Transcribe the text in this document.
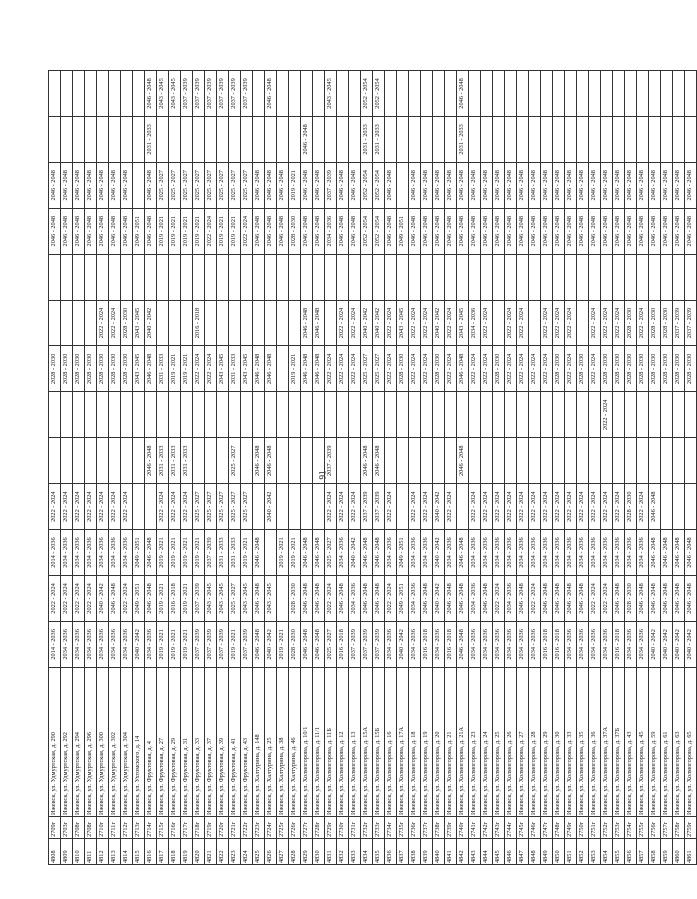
91
4808	2709г	Ижевск, ул. Удмуртская, д. 290	2014 - 2036	2022 - 2024	2014 - 2036	2022 - 2024			2028 - 2030			2046 - 2048	2046 - 2048		
4809	2703г	Ижевск, ул. Удмуртская, д. 292	2034 - 2036	2022 - 2024	2034 - 2036	2022 - 2024			2028 - 2030			2046 - 2048	2046 - 2048		
4810	2708г	Ижевск, ул. Удмуртская, д. 294	2034 - 2036	2022 - 2024	2034 - 2036	2022 - 2024			2028 - 2030			2046 - 2048	2046 - 2048		
4811	2708г	Ижевск, ул. Удмуртская, д. 296	2034 - 2036	2022 - 2024	2034 - 2036	2022 - 2024			2028 - 2030			2046 - 2048	2046 - 2048		
4812	2710г	Ижевск, ул. Удмуртская, д. 300	2034 - 2036	2040 - 2042	2034 - 2036	2022 - 2024			2028 - 2030	2022 - 2024		2046 - 2048	2046 - 2048		
4813	2711г	Ижевск, ул. Удмуртская, д. 302	2034 - 2036	2046 - 2048	2034 - 2036	2022 - 2024			2028 - 2030	2022 - 2024		2046 - 2048	2046 - 2048		
4814	2712г	Ижевск, ул. Удмуртская, д. 304	2034 - 2036	2022 - 2024	2034 - 2036	2022 - 2024			2028 - 2030	2028 - 2030		2046 - 2048	2046 - 2048		
4815	2713г	Ижевск, ул. Ухтомского, д. 14	2040 - 2042	2049 - 2051	2049 - 2051				2043 - 2045	2043 - 2045		2049 - 2051			
4816	2714г	Ижевск, ул. Фруктовая, д. 4	2034 - 2036	2046 - 2048	2046 - 2048		2046 - 2048		2046 - 2048	2040 - 2042		2046 - 2048	2046 - 2048	2031 - 2033	2046 - 2048
4817	2715г	Ижевск, ул. Фруктовая, д. 27	2019 - 2021	2019 - 2021	2019 - 2021	2022 - 2024	2031 - 2033		2031 - 2033			2019 - 2021	2025 - 2027		2043 - 2045
4818	2716г	Ижевск, ул. Фруктовая, д. 29	2019 - 2021	2016 - 2018	2019 - 2021	2022 - 2024	2031 - 2033		2019 - 2021			2019 - 2021	2025 - 2027		2043 - 2045
4819	2717г	Ижевск, ул. Фруктовая, д. 31	2019 - 2021	2019 - 2021	2019 - 2021	2022 - 2024	2031 - 2033		2019 - 2021			2019 - 2021	2025 - 2027		2037 - 2039
4820	2718г	Ижевск, ул. Фруктовая, д. 33	2037 - 2039	2037 - 2039	2019 - 2021	2025 - 2027			2022 - 2024	2016 - 2018		2019 - 2021	2025 - 2027		2037 - 2039
4821	2719г	Ижевск, ул. Фруктовая, д. 37	2037 - 2039	2043 - 2045	2037 - 2039	2025 - 2027			2022 - 2024			2022 - 2024	2025 - 2027		2037 - 2039
4822	2720г	Ижевск, ул. Фруктовая, д. 39	2037 - 2039	2043 - 2045	2031 - 2033	2025 - 2027			2043 - 2045			2019 - 2021	2025 - 2027		2037 - 2039
4823	2721г	Ижевск, ул. Фруктовая, д. 41	2019 - 2021	2025 - 2027	2031 - 2033	2025 - 2027	2025 - 2027		2031 - 2033			2019 - 2021	2025 - 2027		2037 - 2039
4824	2722г	Ижевск, ул. Фруктовая, д. 43	2037 - 2039	2043 - 2045	2019 - 2021	2025 - 2027			2043 - 2045			2022 - 2024	2025 - 2027		2037 - 2039
4825	2723г	Ижевск, ул. Халтурина, д. 148	2046 - 2048	2046 - 2048	2046 - 2048		2046 - 2048		2046 - 2048			2046 - 2048	2046 - 2048		
4826	2724г	Ижевск, ул. Халтурина, д. 25	2040 - 2042	2043 - 2045		2040 - 2042	2046 - 2048		2046 - 2048			2046 - 2048	2046 - 2048		2046 - 2048
4827	2725г	Ижевск, ул. Халтурина, д. 38	2019 - 2021		2019 - 2021							2046 - 2048	2046 - 2048		
4828	2726г	Ижевск, ул. Халтурина, д. 46	2028 - 2030	2028 - 2030	2019 - 2021				2019 - 2021			2028 - 2030	2019 - 2021		
4829	2727г	Ижевск, ул. Холмогорова, д. 10/1	2046 - 2048	2046 - 2048	2046 - 2048				2046 - 2048	2046 - 2048		2046 - 2048	2046 - 2048	2046 - 2048	
4830	2728г	Ижевск, ул. Холмогорова, д. 11/1	2046 - 2048	2046 - 2048	2046 - 2048				2046 - 2048	2046 - 2048		2046 - 2048	2046 - 2048		
4831	2729г	Ижевск, ул. Холмогорова, д. 11Б	2025 - 2027	2022 - 2024	2025 - 2027	2022 - 2024	2037 - 2039		2022 - 2024			2034 - 2036	2037 - 2039		2043 - 2045
4832	2730г	Ижевск, ул. Холмогорова, д. 12	2016 - 2018	2046 - 2048	2034 - 2036	2022 - 2024			2022 - 2024	2022 - 2024		2046 - 2048	2046 - 2048		
4833	2731г	Ижевск, ул. Холмогорова, д. 13	2037 - 2039	2034 - 2036	2040 - 2042	2022 - 2024			2022 - 2024	2022 - 2024		2046 - 2048	2046 - 2048		
4834	2732г	Ижевск, ул. Холмогорова, д. 15А	2037 - 2039	2046 - 2048	2046 - 2048	2037 - 2039	2046 - 2048		2025 - 2027	2040 - 2042		2052 - 2054	2052 - 2054	2031 - 2033	2052 - 2054
4835	2733г	Ижевск, ул. Холмогорова, д. 15Б	2037 - 2039	2046 - 2048	2046 - 2048	2037 - 2039	2046 - 2048		2025 - 2027	2040 - 2042		2052 - 2054	2052 - 2054	2031 - 2033	2052 - 2054
4836	2734г	Ижевск, ул. Холмогорова, д. 16	2034 - 2036	2022 - 2024	2034 - 2036	2022 - 2024			2022 - 2024	2022 - 2024		2046 - 2048	2046 - 2048		
4837	2735г	Ижевск, ул. Холмогорова, д. 17А	2040 - 2042	2049 - 2051	2049 - 2051				2028 - 2030	2043 - 2045		2049 - 2051			
4838	2736г	Ижевск, ул. Холмогорова, д. 18	2034 - 2036	2034 - 2036	2034 - 2036	2022 - 2024			2022 - 2024	2022 - 2024		2046 - 2048	2046 - 2048		
4839	2737г	Ижевск, ул. Холмогорова, д. 19	2016 - 2018	2046 - 2048	2034 - 2036	2022 - 2024			2022 - 2024	2022 - 2024		2046 - 2048	2046 - 2048		
4840	2738г	Ижевск, ул. Холмогорова, д. 20	2034 - 2036	2040 - 2042	2040 - 2042	2040 - 2042			2028 - 2030	2040 - 2042		2046 - 2048	2046 - 2048		
4841	2739г	Ижевск, ул. Холмогорова, д. 21	2016 - 2018	2046 - 2048	2034 - 2036	2022 - 2024			2022 - 2024	2022 - 2024		2046 - 2048	2046 - 2048		
4842	2740г	Ижевск, ул. Холмогорова, д. 21А	2046 - 2048	2046 - 2048	2046 - 2048		2046 - 2048		2046 - 2048	2043 - 2045		2046 - 2048	2046 - 2048	2031 - 2033	2046 - 2048
4843	2741г	Ижевск, ул. Холмогорова, д. 23	2034 - 2036	2034 - 2036	2034 - 2036	2022 - 2024			2022 - 2024	2034 - 2036		2046 - 2048	2046 - 2048		
4844	2742г	Ижевск, ул. Холмогорова, д. 24	2034 - 2036	2046 - 2048	2034 - 2036	2022 - 2024			2022 - 2024	2022 - 2024		2046 - 2048	2046 - 2048		
4845	2743г	Ижевск, ул. Холмогорова, д. 25	2034 - 2036	2022 - 2024	2034 - 2036	2022 - 2024			2028 - 2030			2046 - 2048	2046 - 2048		
4846	2744г	Ижевск, ул. Холмогорова, д. 26	2034 - 2036	2034 - 2036	2034 - 2036	2022 - 2024			2022 - 2024	2022 - 2024		2046 - 2048	2046 - 2048		
4847	2745г	Ижевск, ул. Холмогорова, д. 27	2034 - 2036	2046 - 2048	2034 - 2036	2022 - 2024			2022 - 2024	2022 - 2024		2046 - 2048	2046 - 2048		
4848	2746г	Ижевск, ул. Холмогорова, д. 28	2034 - 2036	2022 - 2024	2034 - 2036	2022 - 2024			2022 - 2024			2046 - 2048	2046 - 2048		
4849	2747г	Ижевск, ул. Холмогорова, д. 29	2016 - 2018	2046 - 2048	2034 - 2036	2022 - 2024			2022 - 2024	2022 - 2024		2046 - 2048	2046 - 2048		
4850	2748г	Ижевск, ул. Холмогорова, д. 30	2016 - 2018	2046 - 2048	2034 - 2036	2022 - 2024			2028 - 2030	2022 - 2024		2046 - 2048	2046 - 2048		
4851	2749г	Ижевск, ул. Холмогорова, д. 33	2034 - 2036	2046 - 2048	2034 - 2036	2022 - 2024			2022 - 2024	2022 - 2024		2046 - 2048	2046 - 2048		
4852	2750г	Ижевск, ул. Холмогорова, д. 35	2034 - 2036	2046 - 2048	2034 - 2036	2022 - 2024			2028 - 2030			2046 - 2048	2046 - 2048		
4853	2751г	Ижевск, ул. Холмогорова, д. 36	2034 - 2036	2022 - 2024	2034 - 2036	2022 - 2024			2022 - 2024	2022 - 2024		2046 - 2048	2046 - 2048		
4854	2752г	Ижевск, ул. Холмогорова, д. 37А	2034 - 2036	2022 - 2024	2034 - 2036	2022 - 2024		2022 - 2024	2028 - 2030	2022 - 2024		2046 - 2048	2046 - 2048		
4855	2753г	Ижевск, ул. Холмогорова, д. 37Б	2016 - 2018	2046 - 2048	2034 - 2036	2022 - 2024			2028 - 2030	2022 - 2024		2046 - 2048	2046 - 2048		
4856	2754г	Ижевск, ул. Холмогорова, д. 43	2034 - 2036	2028 - 2030	2034 - 2036	2028 - 2030			2028 - 2030	2028 - 2030		2046 - 2048	2046 - 2048		
4857	2755г	Ижевск, ул. Холмогорова, д. 45	2034 - 2036	2046 - 2048	2034 - 2036	2022 - 2024			2028 - 2030	2022 - 2024		2046 - 2048	2046 - 2048		
4858	2756г	Ижевск, ул. Холмогорова, д. 59	2040 - 2042	2046 - 2048	2046 - 2048	2046 - 2048			2028 - 2030	2028 - 2030		2046 - 2048	2046 - 2048		
4859	2757г	Ижевск, ул. Холмогорова, д. 61	2040 - 2042	2046 - 2048	2046 - 2048				2028 - 2030	2028 - 2030		2046 - 2048	2046 - 2048		
4860	2758г	Ижевск, ул. Холмогорова, д. 63	2040 - 2042	2046 - 2048	2046 - 2048				2028 - 2030	2037 - 2039		2046 - 2048	2046 - 2048		
4861	2759г	Ижевск, ул. Холмогорова, д. 65	2040 - 2042	2046 - 2048	2046 - 2048				2028 - 2030	2037 - 2039		2046 - 2048	2046 - 2048		
